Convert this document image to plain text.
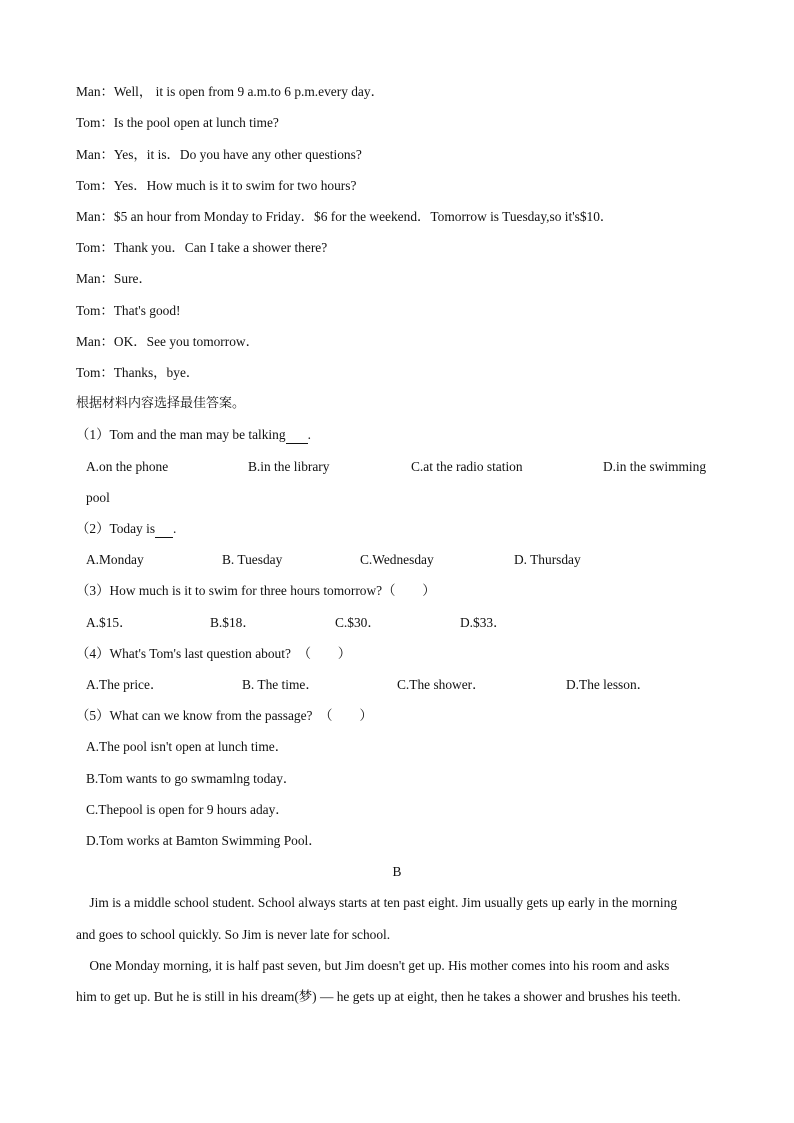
Man：Well， it is open from 9 a.m.to 6 p.m.every day．
Tom：Is the pool open at lunch time?
Man：Yes，it is．Do you have any other questions?
Tom：Yes．How much is it to swim for two hours?
Man：$5 an hour from Monday to Friday．$6 for the weekend．Tomorrow is Tuesday,so it's$10．
Tom：Thank you．Can I take a shower there?
Man：Sure．
Tom：That's good!
Man：OK．See you tomorrow．
Tom：Thanks，bye．
根据材料内容选择最佳答案。
（1）Tom and the man may be talking .
A.on the phone	B.in the library	C.at the radio station	D.in the swimming
pool
（2）Today is .
A.Monday	B. Tuesday	C.Wednesday	D. Thursday
（3）How much is it to swim for three hours tomorrow?（　　）
A.$15．	B.$18．	C.$30．	D.$33．
（4）What's Tom's last question about?　（　　）
A.The price．	B. The time．	C.The shower．	D.The lesson．
（5）What can we know from the passage?　（　　）
A.The pool isn't open at lunch time．
B.Tom wants to go swmamlng today．
C.Thepool is open for 9 hours aday．
D.Tom works at Bamton Swimming Pool．
B
Jim is a middle school student. School always starts at ten past eight. Jim usually gets up early in the morning
and goes to school quickly. So Jim is never late for school.
One Monday morning, it is half past seven, but Jim doesn't get up. His mother comes into his room and asks
him to get up. But he is still in his dream(梦) — he gets up at eight, then he takes a shower and brushes his teeth.
